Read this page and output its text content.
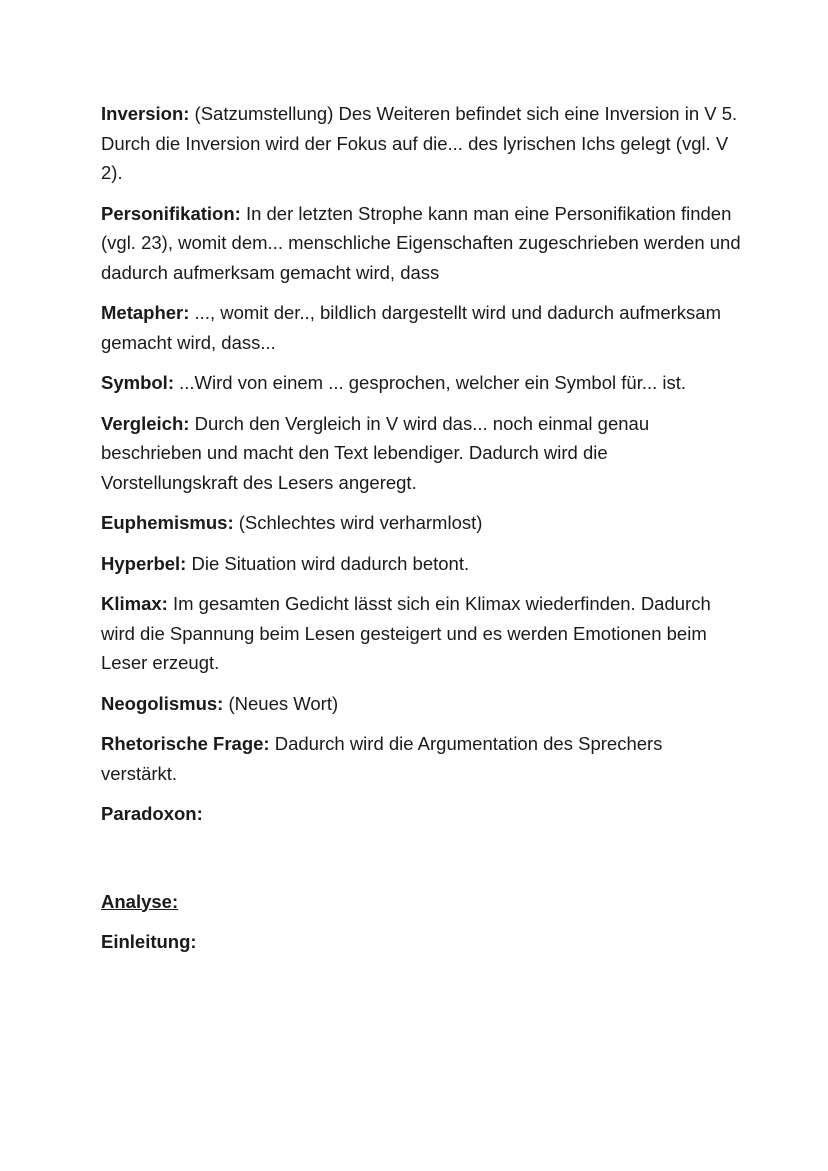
Inversion: (Satzumstellung) Des Weiteren befindet sich eine Inversion in V 5. Durch die Inversion wird der Fokus auf die... des lyrischen Ichs gelegt (vgl. V 2).

Personifikation: In der letzten Strophe kann man eine Personifikation finden (vgl. 23), womit dem... menschliche Eigenschaften zugeschrieben werden und dadurch aufmerksam gemacht wird, dass

Metapher: ..., womit der.., bildlich dargestellt wird und dadurch aufmerksam gemacht wird, dass...

Symbol: ...Wird von einem ... gesprochen, welcher ein Symbol für... ist.

Vergleich: Durch den Vergleich in V wird das... noch einmal genau beschrieben und macht den Text lebendiger. Dadurch wird die Vorstellungskraft des Lesers angeregt.

Euphemismus: (Schlechtes wird verharmlost)

Hyperbel: Die Situation wird dadurch betont.

Klimax: Im gesamten Gedicht lässt sich ein Klimax wiederfinden. Dadurch wird die Spannung beim Lesen gesteigert und es werden Emotionen beim Leser erzeugt.

Neogolismus: (Neues Wort)

Rhetorische Frage: Dadurch wird die Argumentation des Sprechers verstärkt.

Paradoxon:

Analyse:

Einleitung:
